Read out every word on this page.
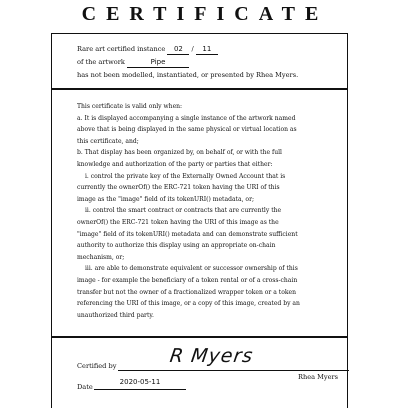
CERTIFICATE
Rare art certified instance 02 / 11
of the artwork	Pipe
has not been modelled, instantiated, or presented by Rhea Myers.

This certificate is valid only when:

a. It is displayed accompanying a single instance of the artwork named

above that is being displayed in the same physical or virtual location as

this certificate, and;

b. That display has been organized by, on behalf of, or with the full

knowledge and authorization of the party or parties that either:

i. control the private key of the Externally Owned Account that is

currently the ownerOf() the ERC-721 token having the URI of this

image as the "image" field of its tokenURI() metadata, or;

ii. control the smart contract or contracts that are currently the

ownerOf() the ERC-721 token having the URI of this image as the

"image" field of its tokenURI() metadata and can demonstrate sufficient

authority to authorize this display using an appropriate on-chain

mechanism, or;

iii. are able to demonstrate equivalent or successor ownership of this

image - for example the beneficiary of a token rental or of a cross-chain

transfer but not the owner of a fractionalized wrapper token or a token

referencing the URI of this image, or a copy of this image, created by an

unauthorized third party.

Certified by	R Myers
Rhea Myers
Date
2020-05-11
